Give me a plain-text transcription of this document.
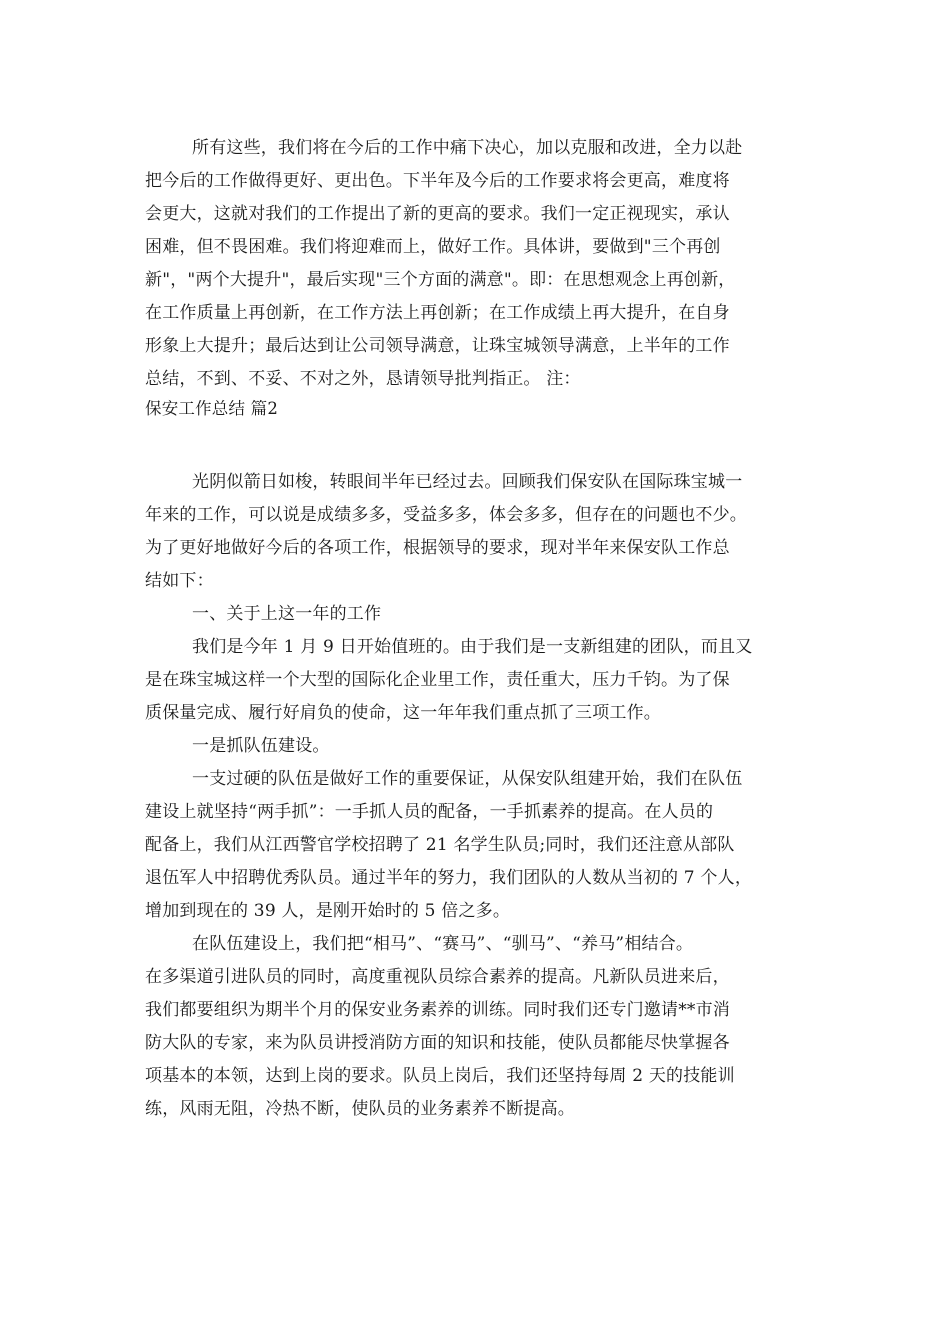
所有这些，我们将在今后的工作中痛下决心，加以克服和改进，全力以赴
把今后的工作做得更好、更出色。下半年及今后的工作要求将会更高，难度将
会更大，这就对我们的工作提出了新的更高的要求。我们一定正视现实，承认
困难，但不畏困难。我们将迎难而上，做好工作。具体讲，要做到"三个再创
新"，"两个大提升"，最后实现"三个方面的满意"。即：在思想观念上再创新，
在工作质量上再创新，在工作方法上再创新；在工作成绩上再大提升，在自身
形象上大提升；最后达到让公司领导满意，让珠宝城领导满意，上半年的工作
总结，不到、不妥、不对之外，恳请领导批判指正。 注：
保安工作总结 篇2
光阴似箭日如梭，转眼间半年已经过去。回顾我们保安队在国际珠宝城一
年来的工作，可以说是成绩多多，受益多多，体会多多，但存在的问题也不少。
为了更好地做好今后的各项工作，根据领导的要求，现对半年来保安队工作总
结如下：
一、关于上这一年的工作
我们是今年 1 月 9 日开始值班的。由于我们是一支新组建的团队，而且又
是在珠宝城这样一个大型的国际化企业里工作，责任重大，压力千钧。为了保
质保量完成、履行好肩负的使命，这一年年我们重点抓了三项工作。
一是抓队伍建设。
一支过硬的队伍是做好工作的重要保证，从保安队组建开始，我们在队伍
建设上就坚持“两手抓”：一手抓人员的配备，一手抓素养的提高。在人员的
配备上，我们从江西警官学校招聘了 21 名学生队员;同时，我们还注意从部队
退伍军人中招聘优秀队员。通过半年的努力，我们团队的人数从当初的 7 个人，
增加到现在的 39 人，是刚开始时的 5 倍之多。
在队伍建设上，我们把“相马”、“赛马”、“驯马”、“养马”相结合。
在多渠道引进队员的同时，高度重视队员综合素养的提高。凡新队员进来后，
我们都要组织为期半个月的保安业务素养的训练。同时我们还专门邀请**市消
防大队的专家，来为队员讲授消防方面的知识和技能，使队员都能尽快掌握各
项基本的本领，达到上岗的要求。队员上岗后，我们还坚持每周 2 天的技能训
练，风雨无阻，冷热不断，使队员的业务素养不断提高。
